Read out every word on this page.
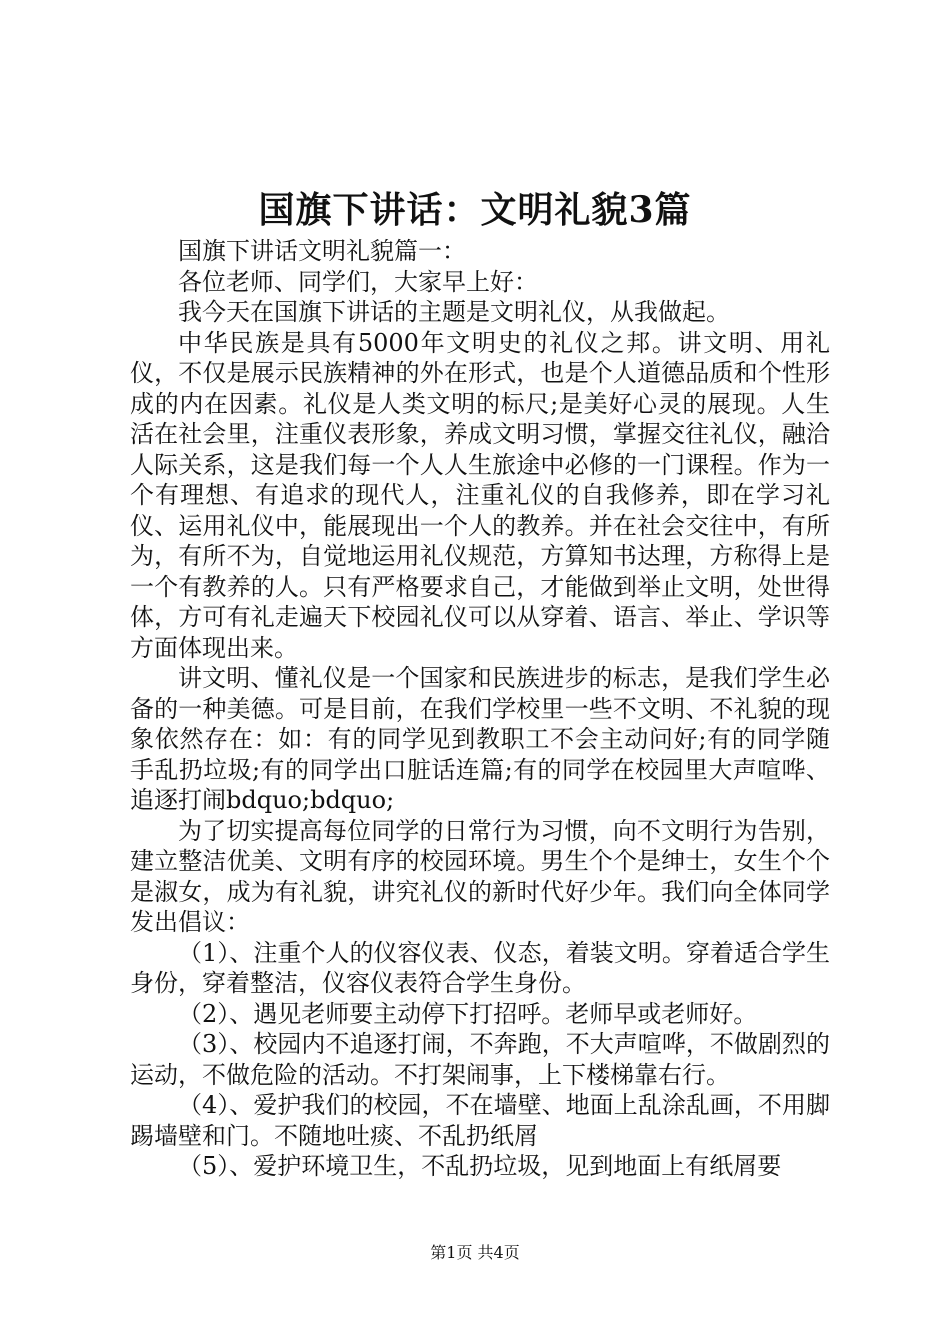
国旗下讲话：文明礼貌3篇

国旗下讲话文明礼貌篇一：

各位老师、同学们，大家早上好：

我今天在国旗下讲话的主题是文明礼仪，从我做起。

中华民族是具有5000年文明史的礼仪之邦。讲文明、用礼仪，不仅是展示民族精神的外在形式，也是个人道德品质和个性形成的内在因素。礼仪是人类文明的标尺;是美好心灵的展现。人生活在社会里，注重仪表形象，养成文明习惯，掌握交往礼仪，融洽人际关系，这是我们每一个人人生旅途中必修的一门课程。作为一个有理想、有追求的现代人，注重礼仪的自我修养，即在学习礼仪、运用礼仪中，能展现出一个人的教养。并在社会交往中，有所为，有所不为，自觉地运用礼仪规范，方算知书达理，方称得上是一个有教养的人。只有严格要求自己，才能做到举止文明，处世得体，方可有礼走遍天下校园礼仪可以从穿着、语言、举止、学识等方面体现出来。

讲文明、懂礼仪是一个国家和民族进步的标志，是我们学生必备的一种美德。可是目前，在我们学校里一些不文明、不礼貌的现象依然存在：如：有的同学见到教职工不会主动问好;有的同学随手乱扔垃圾;有的同学出口脏话连篇;有的同学在校园里大声喧哗、追逐打闹bdquo;bdquo;

为了切实提高每位同学的日常行为习惯，向不文明行为告别，建立整洁优美、文明有序的校园环境。男生个个是绅士，女生个个是淑女，成为有礼貌，讲究礼仪的新时代好少年。我们向全体同学发出倡议：

（1）、注重个人的仪容仪表、仪态，着装文明。穿着适合学生身份，穿着整洁，仪容仪表符合学生身份。

（2）、遇见老师要主动停下打招呼。老师早或老师好。

（3）、校园内不追逐打闹，不奔跑，不大声喧哗，不做剧烈的运动，不做危险的活动。不打架闹事，上下楼梯靠右行。

（4）、爱护我们的校园，不在墙壁、地面上乱涂乱画，不用脚踢墙壁和门。不随地吐痰、不乱扔纸屑

（5）、爱护环境卫生，不乱扔垃圾，见到地面上有纸屑要

第1页 共4页
